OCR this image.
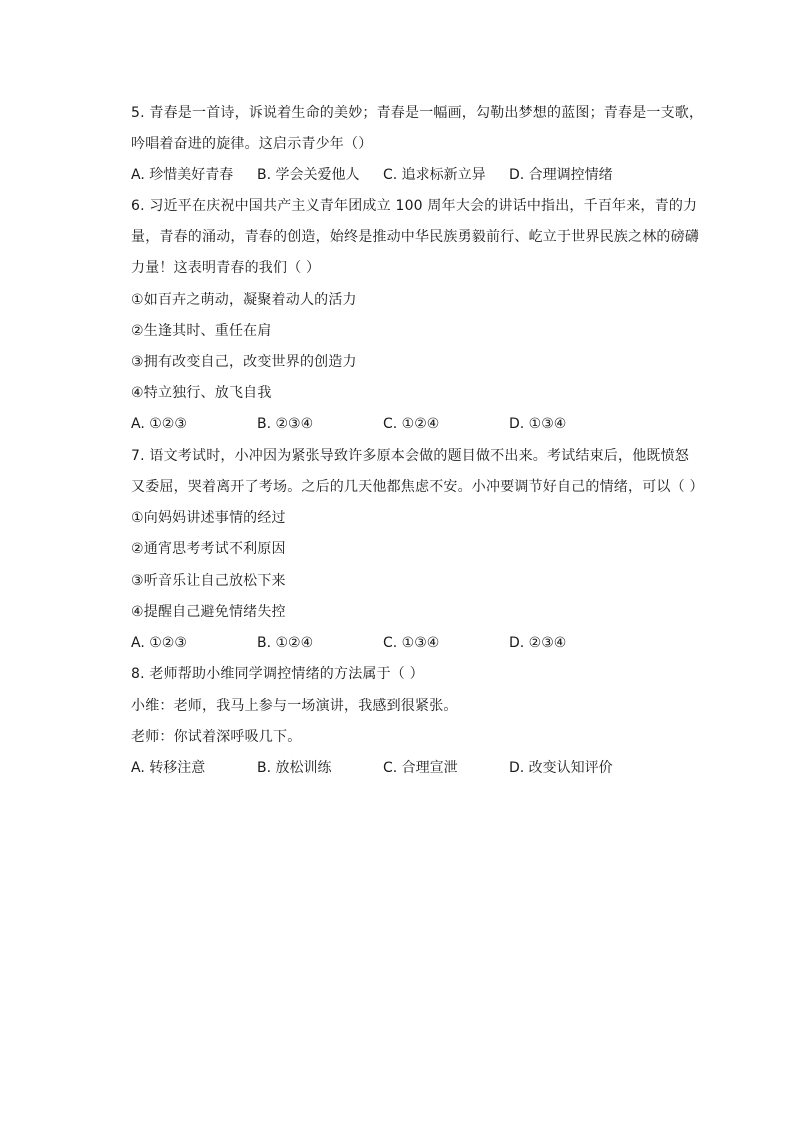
5. 青春是一首诗，诉说着生命的美妙；青春是一幅画，勾勒出梦想的蓝图；青春是一支歌，
吟唱着奋进的旋律。这启示青少年（）
A. 珍惜美好青春 B. 学会关爱他人 C. 追求标新立异 D. 合理调控情绪
6. 习近平在庆祝中国共产主义青年团成立 100 周年大会的讲话中指出，千百年来，青的力
量，青春的涌动，青春的创造，始终是推动中华民族勇毅前行、屹立于世界民族之林的磅礴
力量！这表明青春的我们（ ）
①如百卉之萌动，凝聚着动人的活力
②生逢其时、重任在肩
③拥有改变自己，改变世界的创造力
④特立独行、放飞自我
A. ①②③	B. ②③④	C. ①②④	D. ①③④
7. 语文考试时，小冲因为紧张导致许多原本会做的题目做不出来。考试结束后，他既愤怒
又委屈，哭着离开了考场。之后的几天他都焦虑不安。小冲要调节好自己的情绪，可以（ ）
①向妈妈讲述事情的经过
②通宵思考考试不利原因
③听音乐让自己放松下来
④提醒自己避免情绪失控
A. ①②③	B. ①②④	C. ①③④	D. ②③④
8. 老师帮助小维同学调控情绪的方法属于（ ）
小维：老师，我马上参与一场演讲，我感到很紧张。
老师：你试着深呼吸几下。
A. 转移注意	B. 放松训练	C. 合理宣泄	D. 改变认知评价
